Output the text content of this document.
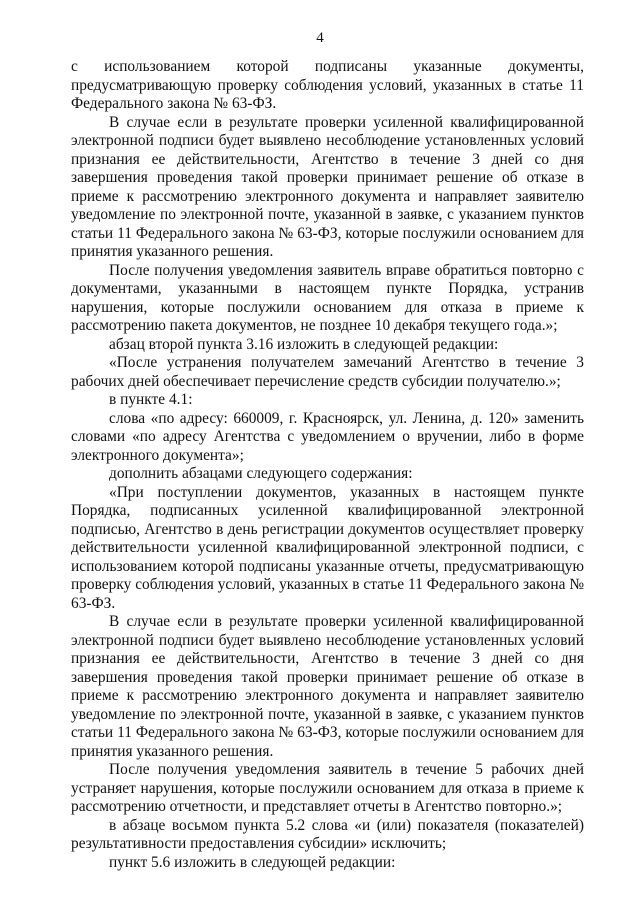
4

с использованием которой подписаны указанные документы, предусматривающую проверку соблюдения условий, указанных в статье 11 Федерального закона № 63-ФЗ.

В случае если в результате проверки усиленной квалифицированной электронной подписи будет выявлено несоблюдение установленных условий признания ее действительности, Агентство в течение 3 дней со дня завершения проведения такой проверки принимает решение об отказе в приеме к рассмотрению электронного документа и направляет заявителю уведомление по электронной почте, указанной в заявке, с указанием пунктов статьи 11 Федерального закона № 63-ФЗ, которые послужили основанием для принятия указанного решения.

После получения уведомления заявитель вправе обратиться повторно с документами, указанными в настоящем пункте Порядка, устранив нарушения, которые послужили основанием для отказа в приеме к рассмотрению пакета документов, не позднее 10 декабря текущего года.»;

абзац второй пункта 3.16 изложить в следующей редакции:

«После устранения получателем замечаний Агентство в течение 3 рабочих дней обеспечивает перечисление средств субсидии получателю.»;

в пункте 4.1:

слова «по адресу: 660009, г. Красноярск, ул. Ленина, д. 120» заменить словами «по адресу Агентства с уведомлением о вручении, либо в форме электронного документа»;

дополнить абзацами следующего содержания:

«При поступлении документов, указанных в настоящем пункте Порядка, подписанных усиленной квалифицированной электронной подписью, Агентство в день регистрации документов осуществляет проверку действительности усиленной квалифицированной электронной подписи, с использованием которой подписаны указанные отчеты, предусматривающую проверку соблюдения условий, указанных в статье 11 Федерального закона № 63-ФЗ.

В случае если в результате проверки усиленной квалифицированной электронной подписи будет выявлено несоблюдение установленных условий признания ее действительности, Агентство в течение 3 дней со дня завершения проведения такой проверки принимает решение об отказе в приеме к рассмотрению электронного документа и направляет заявителю уведомление по электронной почте, указанной в заявке, с указанием пунктов статьи 11 Федерального закона № 63-ФЗ, которые послужили основанием для принятия указанного решения.

После получения уведомления заявитель в течение 5 рабочих дней устраняет нарушения, которые послужили основанием для отказа в приеме к рассмотрению отчетности, и представляет отчеты в Агентство повторно.»;

в абзаце восьмом пункта 5.2 слова «и (или) показателя (показателей) результативности предоставления субсидии» исключить;

пункт 5.6 изложить в следующей редакции:
